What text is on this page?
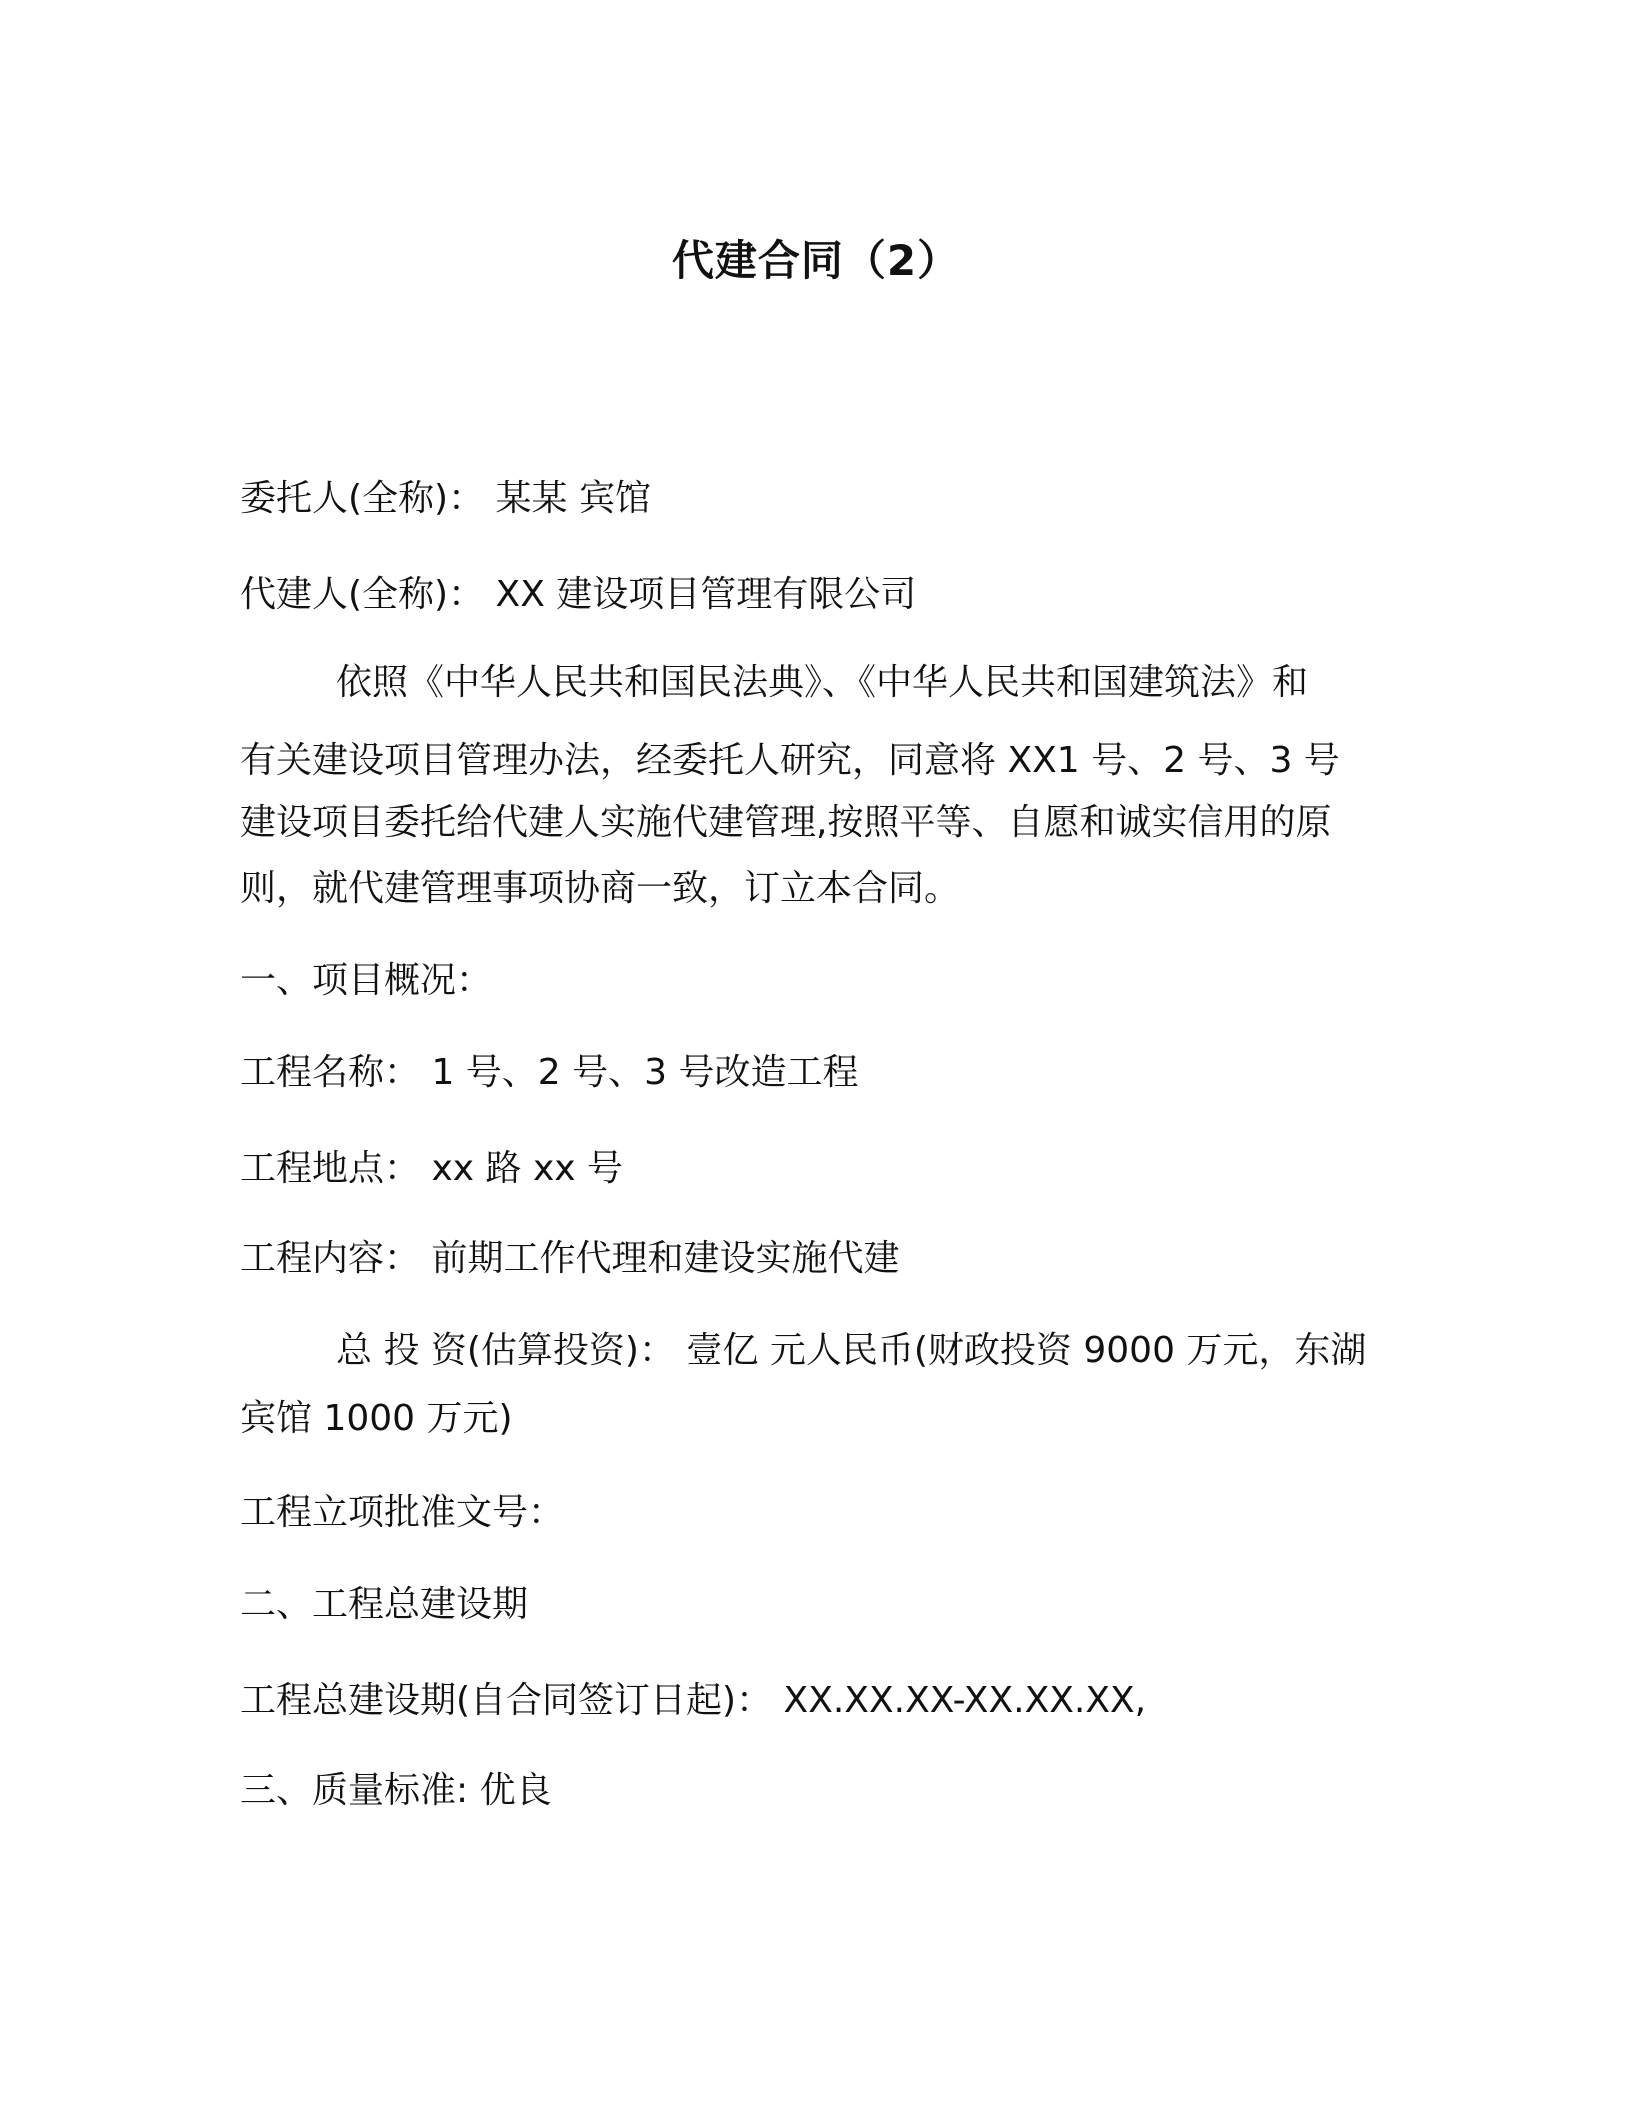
代建合同（2）

委托人(全称)： 某某 宾馆

代建人(全称)： XX 建设项目管理有限公司

依照《中华人民共和国民法典》、《中华人民共和国建筑法》和

有关建设项目管理办法，经委托人研究，同意将 XX1 号、2 号、3 号

建设项目委托给代建人实施代建管理,按照平等、自愿和诚实信用的原

则，就代建管理事项协商一致，订立本合同。

一、项目概况：

工程名称： 1 号、2 号、3 号改造工程

工程地点： xx 路 xx 号

工程内容： 前期工作代理和建设实施代建

总 投 资(估算投资)： 壹亿 元人民币(财政投资 9000 万元，东湖

宾馆 1000 万元)

工程立项批准文号：

二、工程总建设期

工程总建设期(自合同签订日起)： XX.XX.XX-XX.XX.XX,

三、质量标准: 优良
